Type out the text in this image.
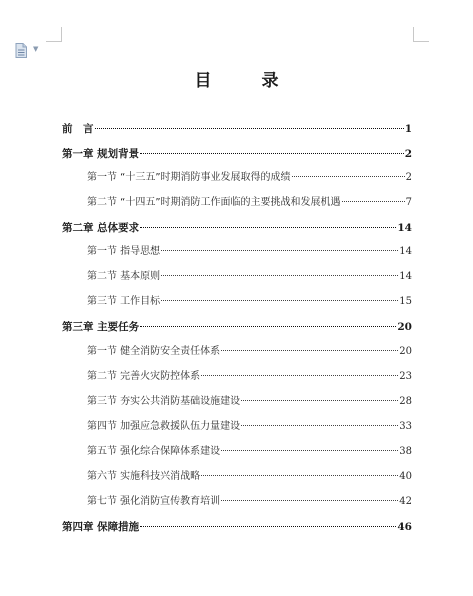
▼
目 录
前　言	1
第一章 规划背景	2
第一节 “十三五”时期消防事业发展取得的成绩	2
第二节 “十四五”时期消防工作面临的主要挑战和发展机遇	7
第二章 总体要求	14
第一节 指导思想	14
第二节 基本原则	14
第三节 工作目标	15
第三章 主要任务	20
第一节 健全消防安全责任体系	20
第二节 完善火灾防控体系	23
第三节 夯实公共消防基础设施建设	28
第四节 加强应急救援队伍力量建设	33
第五节 强化综合保障体系建设	38
第六节 实施科技兴消战略	40
第七节 强化消防宣传教育培训	42
第四章 保障措施	46
